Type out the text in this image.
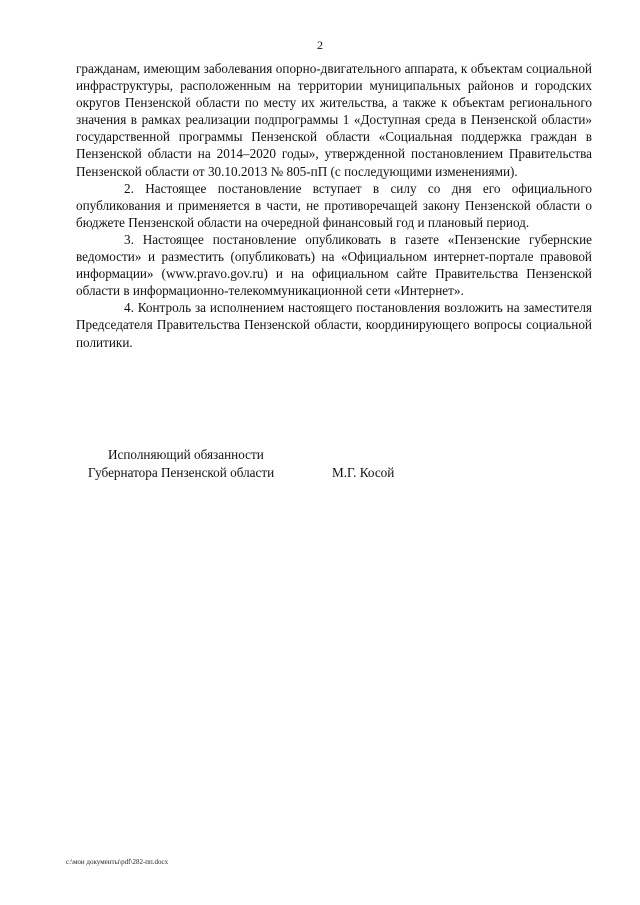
2

гражданам, имеющим заболевания опорно-двигательного аппарата, к объектам социальной инфраструктуры, расположенным на территории муниципальных районов и городских округов Пензенской области по месту их жительства, а также к объектам регионального значения в рамках реализации подпрограммы 1 «Доступная среда в Пензенской области» государственной программы Пензенской области «Социальная поддержка граждан в Пензенской области на 2014–2020 годы», утвержденной постановлением Правительства Пензенской области от 30.10.2013 № 805-пП (с последующими изменениями).

2. Настоящее постановление вступает в силу со дня его официального опубликования и применяется в части, не противоречащей закону Пензенской области о бюджете Пензенской области на очередной финансовый год и плановый период.

3. Настоящее постановление опубликовать в газете «Пензенские губернские ведомости» и разместить (опубликовать) на «Официальном интернет-портале правовой информации» (www.pravo.gov.ru) и на официальном сайте Правительства Пензенской области в информационно-телекоммуникационной сети «Интернет».

4. Контроль за исполнением настоящего постановления возложить на заместителя Председателя Правительства Пензенской области, координирующего вопросы социальной политики.

Исполняющий обязанности
Губернатора Пензенской области	М.Г. Косой
c:\мои документы\pdf\282-пп.docx
